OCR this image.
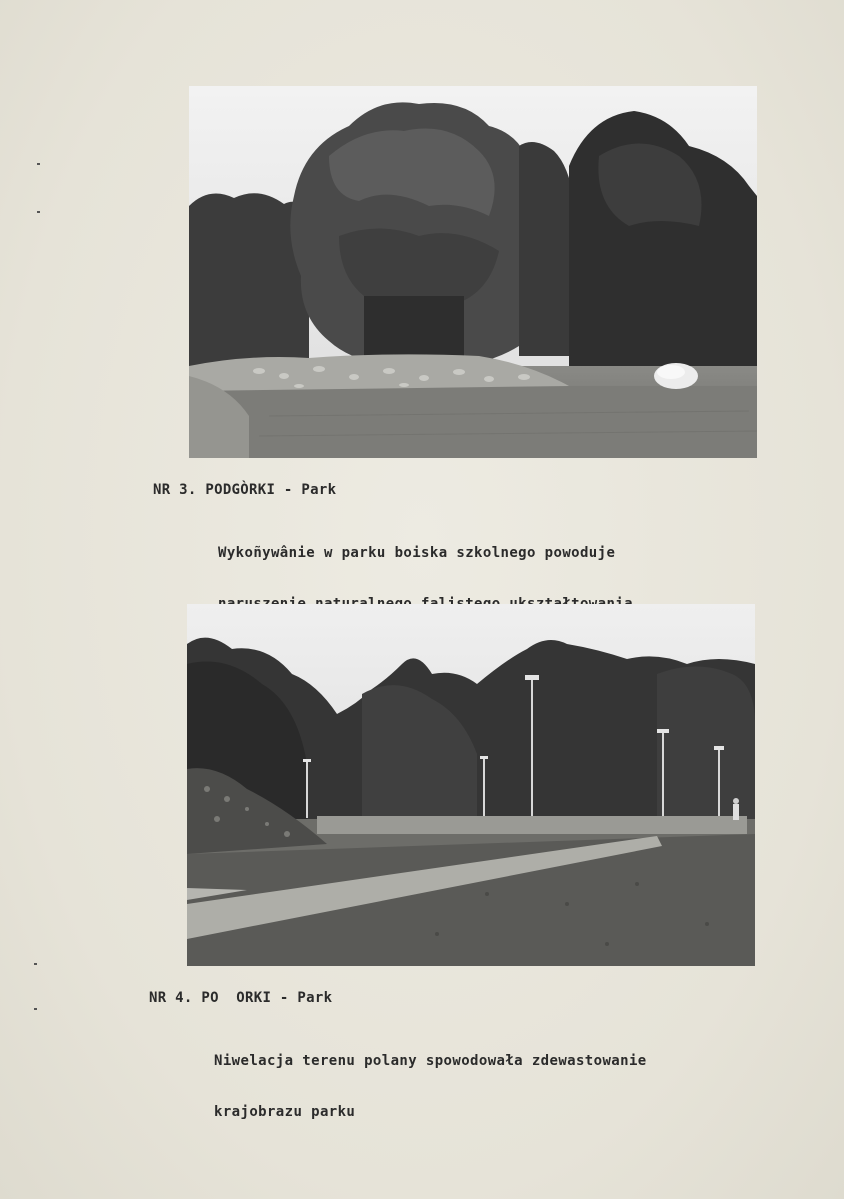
NR 3. PODGÒRKI - Park

Wykoñywânie w parku boiska szkolnego powoduje

NR 4. PO  ORKI - Park

Niwelacja terenu polany spowodowała zdewastowanie

krajobrazu parku
